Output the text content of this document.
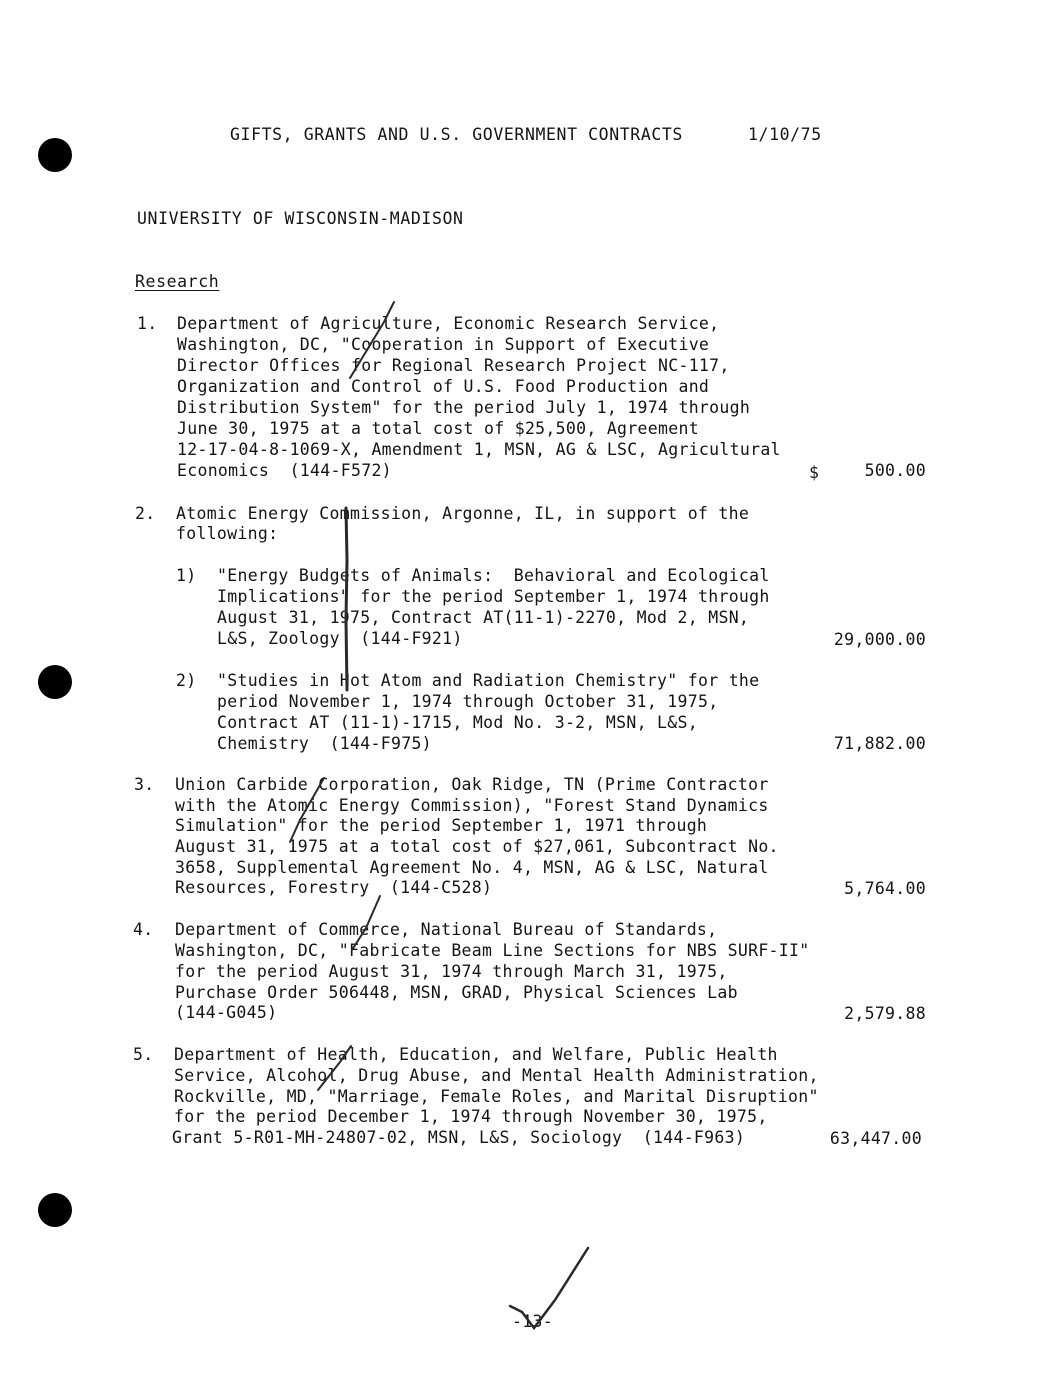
GIFTS, GRANTS AND U.S. GOVERNMENT CONTRACTS	1/10/75
UNIVERSITY OF WISCONSIN-MADISON
Research
1. Department of Agriculture, Economic Research Service,
Washington, DC, "Cooperation in Support of Executive
Director Offices for Regional Research Project NC-117,
Organization and Control of U.S. Food Production and
Distribution System" for the period July 1, 1974 through
June 30, 1975 at a total cost of $25,500, Agreement
12-17-04-8-1069-X, Amendment 1, MSN, AG & LSC, Agricultural
Economics  (144-F572)	$	500.00
2. Atomic Energy Commission, Argonne, IL, in support of the
following:
1) "Energy Budgets of Animals:  Behavioral and Ecological
Implications" for the period September 1, 1974 through
August 31, 1975, Contract AT(11-1)-2270, Mod 2, MSN,
L&S, Zoology  (144-F921)	29,000.00
2) "Studies in Hot Atom and Radiation Chemistry" for the
period November 1, 1974 through October 31, 1975,
Contract AT (11-1)-1715, Mod No. 3-2, MSN, L&S,
Chemistry  (144-F975)	71,882.00
3. Union Carbide Corporation, Oak Ridge, TN (Prime Contractor
with the Atomic Energy Commission), "Forest Stand Dynamics
Simulation" for the period September 1, 1971 through
August 31, 1975 at a total cost of $27,061, Subcontract No.
3658, Supplemental Agreement No. 4, MSN, AG & LSC, Natural
Resources, Forestry  (144-C528)	5,764.00
4. Department of Commerce, National Bureau of Standards,
Washington, DC, "Fabricate Beam Line Sections for NBS SURF-II"
for the period August 31, 1974 through March 31, 1975,
Purchase Order 506448, MSN, GRAD, Physical Sciences Lab
(144-G045)	2,579.88
5. Department of Health, Education, and Welfare, Public Health
Service, Alcohol, Drug Abuse, and Mental Health Administration,
Rockville, MD, "Marriage, Female Roles, and Marital Disruption"
for the period December 1, 1974 through November 30, 1975,
Grant 5-R01-MH-24807-02, MSN, L&S, Sociology  (144-F963)	63,447.00
-13-
